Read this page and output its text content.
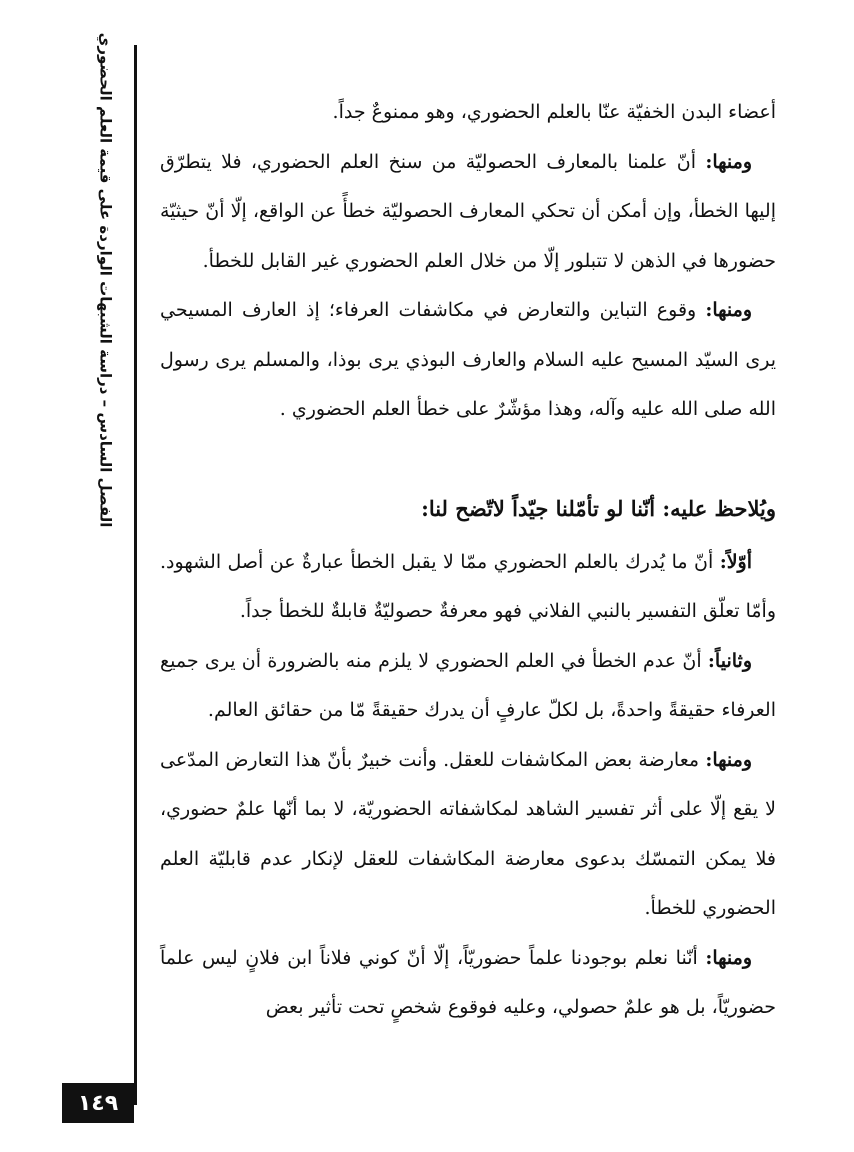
الفصل السادس – دراسة الشبهات الواردة على قيمة العلم الحضوري	أعضاء البدن الخفيّة عنّا بالعلم الحضوري، وهو ممنوعٌ جداً.

ومنها: أنّ علمنا بالمعارف الحصوليّة من سنخ العلم الحضوري، فلا يتطرّق إليها الخطأ، وإن أمكن أن تحكي المعارف الحصوليّة خطأً عن الواقع، إلّا أنّ حيثيّة حضورها في الذهن لا تتبلور إلّا من خلال العلم الحضوري غير القابل للخطأ.

ومنها: وقوع التباين والتعارض في مكاشفات العرفاء؛ إذ العارف المسيحي يرى السيّد المسيح عليه السلام والعارف البوذي يرى بوذا، والمسلم يرى رسول الله صلى الله عليه وآله، وهذا مؤشّرٌ على خطأ العلم الحضوري .

ويُلاحظ عليه: أنّنا لو تأمّلنا جيّداً لاتّضح لنا:

أوّلاً: أنّ ما يُدرك بالعلم الحضوري ممّا لا يقبل الخطأ عبارةٌ عن أصل الشهود. وأمّا تعلّق التفسير بالنبي الفلاني فهو معرفةٌ حصوليّةٌ قابلةٌ للخطأ جداً.

وثانياً: أنّ عدم الخطأ في العلم الحضوري لا يلزم منه بالضرورة أن يرى جميع العرفاء حقيقةً واحدةً، بل لكلّ عارفٍ أن يدرك حقيقةً مّا من حقائق العالم.

ومنها: معارضة بعض المكاشفات للعقل. وأنت خبيرٌ بأنّ هذا التعارض المدّعى لا يقع إلّا على أثر تفسير الشاهد لمكاشفاته الحضوريّة، لا بما أنّها علمٌ حضوري، فلا يمكن التمسّك بدعوى معارضة المكاشفات للعقل لإنكار عدم قابليّة العلم الحضوري للخطأ.

ومنها: أنّنا نعلم بوجودنا علماً حضوريّاً، إلّا أنّ كوني فلاناً ابن فلانٍ ليس علماً حضوريّاً، بل هو علمٌ حصولي، وعليه فوقوع شخصٍ تحت تأثير بعض

١٤٩
